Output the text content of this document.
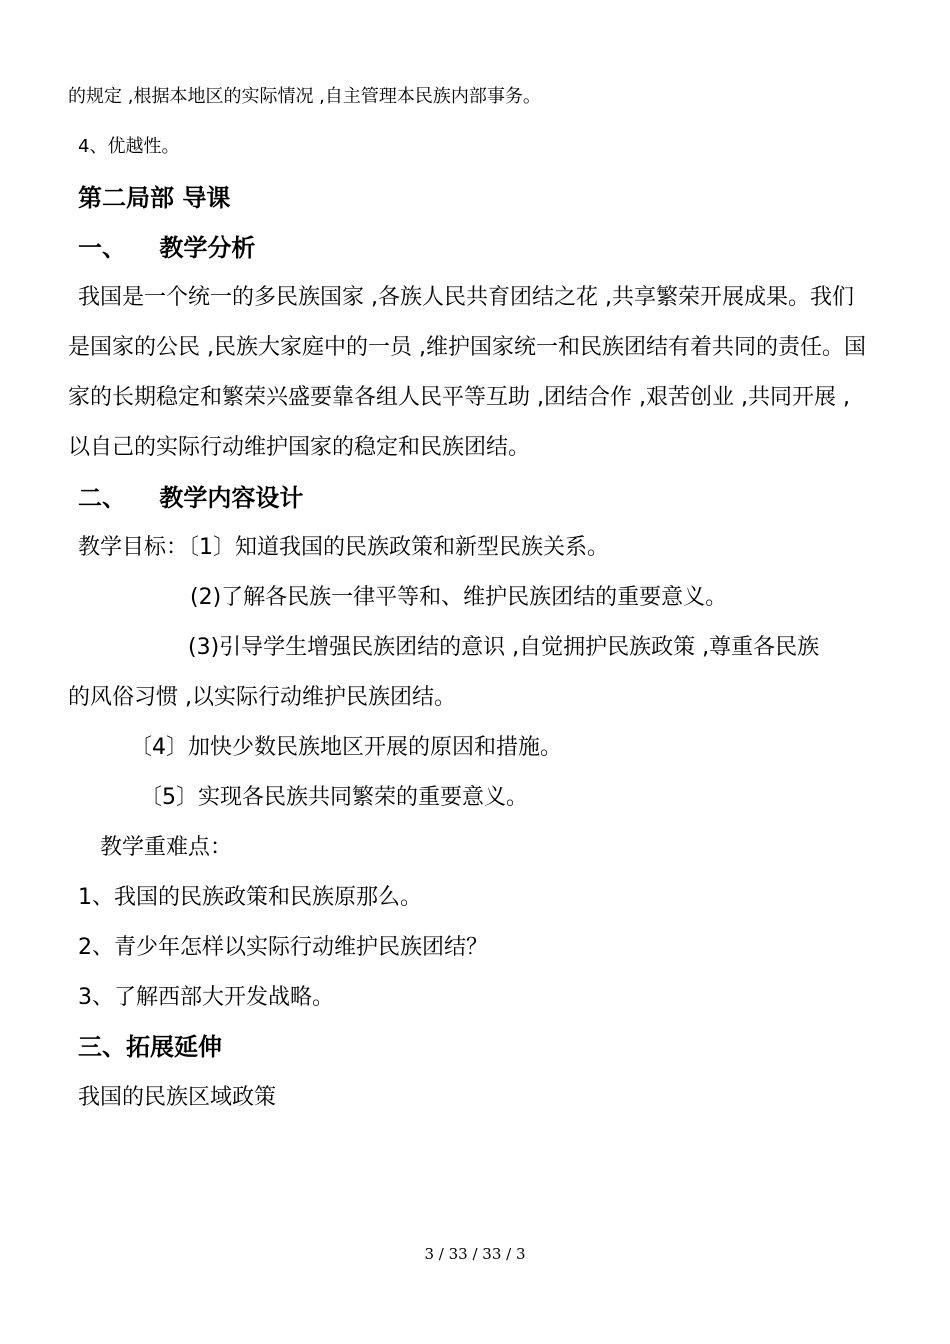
的规定 ,根据本地区的实际情况 ,自主管理本民族内部事务。
4、优越性。
第二局部 导课
一、    教学分析
我国是一个统一的多民族国家 ,各族人民共育团结之花 ,共享繁荣开展成果。我们
是国家的公民 ,民族大家庭中的一员 ,维护国家统一和民族团结有着共同的责任。国
家的长期稳定和繁荣兴盛要靠各组人民平等互助 ,团结合作 ,艰苦创业 ,共同开展 ,
以自己的实际行动维护国家的稳定和民族团结。
二、    教学内容设计
教学目标：〔1〕知道我国的民族政策和新型民族关系。
(2)了解各民族一律平等和、维护民族团结的重要意义。
(3)引导学生增强民族团结的意识 ,自觉拥护民族政策 ,尊重各民族
的风俗习惯 ,以实际行动维护民族团结。
〔4〕加快少数民族地区开展的原因和措施。
〔5〕实现各民族共同繁荣的重要意义。
教学重难点：
1、我国的民族政策和民族原那么。
2、青少年怎样以实际行动维护民族团结？
3、了解西部大开发战略。
三、拓展延伸
我国的民族区域政策
3 / 33 / 33 / 3
